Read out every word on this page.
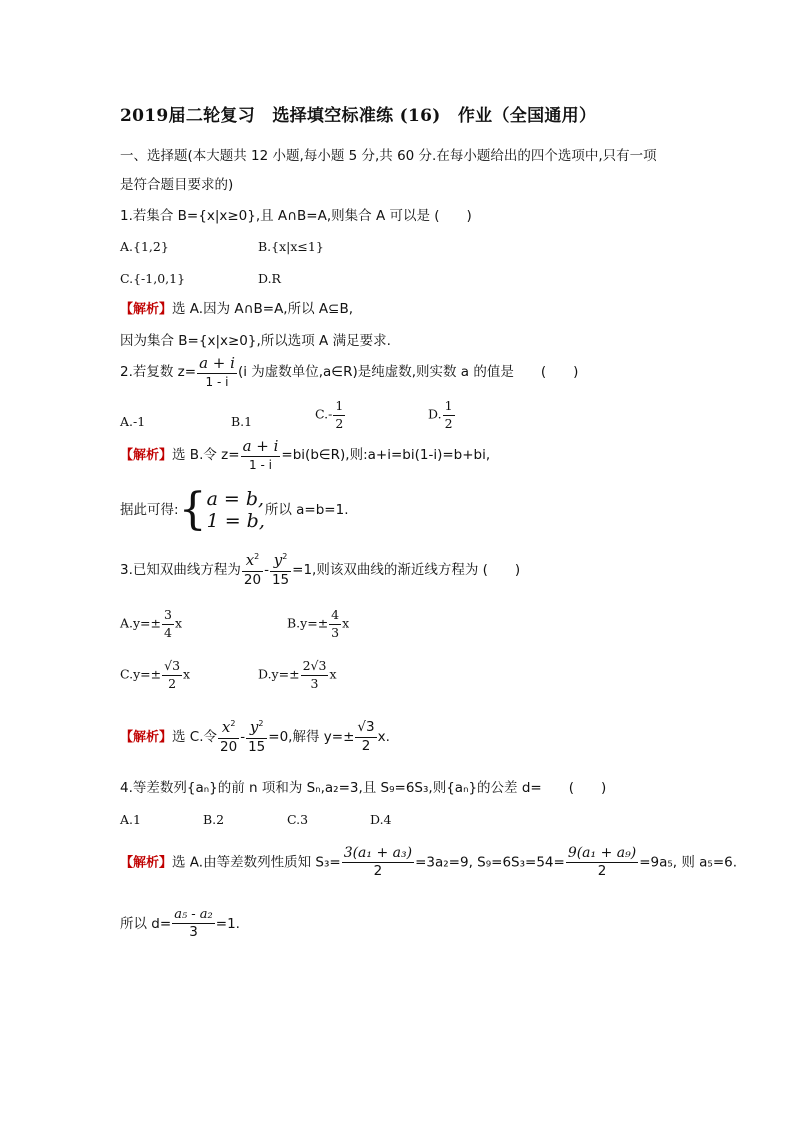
2019届二轮复习　选择填空标准练 (16)　作业（全国通用）
一、选择题(本大题共 12 小题,每小题 5 分,共 60 分.在每小题给出的四个选项中,只有一项
是符合题目要求的)
1.若集合 B={x|x≥0},且 A∩B=A,则集合 A 可以是 (　　)
A.{1,2}	B.{x|x≤1}
C.{-1,0,1}	D.R
【解析】选 A.因为 A∩B=A,所以 A⊆B,
因为集合 B={x|x≥0},所以选项 A 满足要求.
2.若复数 $z= \frac{a + i}{1 - i} (i$ 为虚数单位,a∈R)是纯虚数,则实数 a 的值是　　(　　)
A.-1	B.1	$C.- \frac{1}{2}$	D. $\frac{1}{2}$
【解析】选 B.令 $z= \frac{a + i}{1 - i}$ =bi(b∈R),则:a+i=bi(1-i)=b+bi,
据此可得:{ a = b,
1 = b, 所以 a=b=1.
3.已知双曲线方程为 $\frac{x^2}{20} - \frac{y^2}{15} =1$,则该双曲线的渐近线方程为 (　　)
$A.y=\pm \frac{3}{4}$ x	$B.y=\pm \frac{4}{3}$ x
$C.y=\pm \frac{√3}{2}$ x	$D.y=\pm \frac{2√3}{3}$ x
【解析】选 C.令 $\frac{x^2}{20} - \frac{y^2}{15} =0$,解得 $y=\pm \frac{√3}{2} x$.
4.等差数列{aₙ}的前 n 项和为 Sₙ,a₂=3,且 S₉=6S₃,则{aₙ}的公差 d=　　(　　)
A.1	B.2	C.3	D.4
【解析】选 A.由等差数列性质知 $S_3= \frac{\text{3(a₁ + a₃)}}{2} =3a_2=9$, $S_9=6S_3=54= \frac{\text{9(a₁ + a₉)}}{2} =9a_5$, 则 a₅=6.
所以 $d= \frac{\text{a₅ - a₂}}{3} =1$.
